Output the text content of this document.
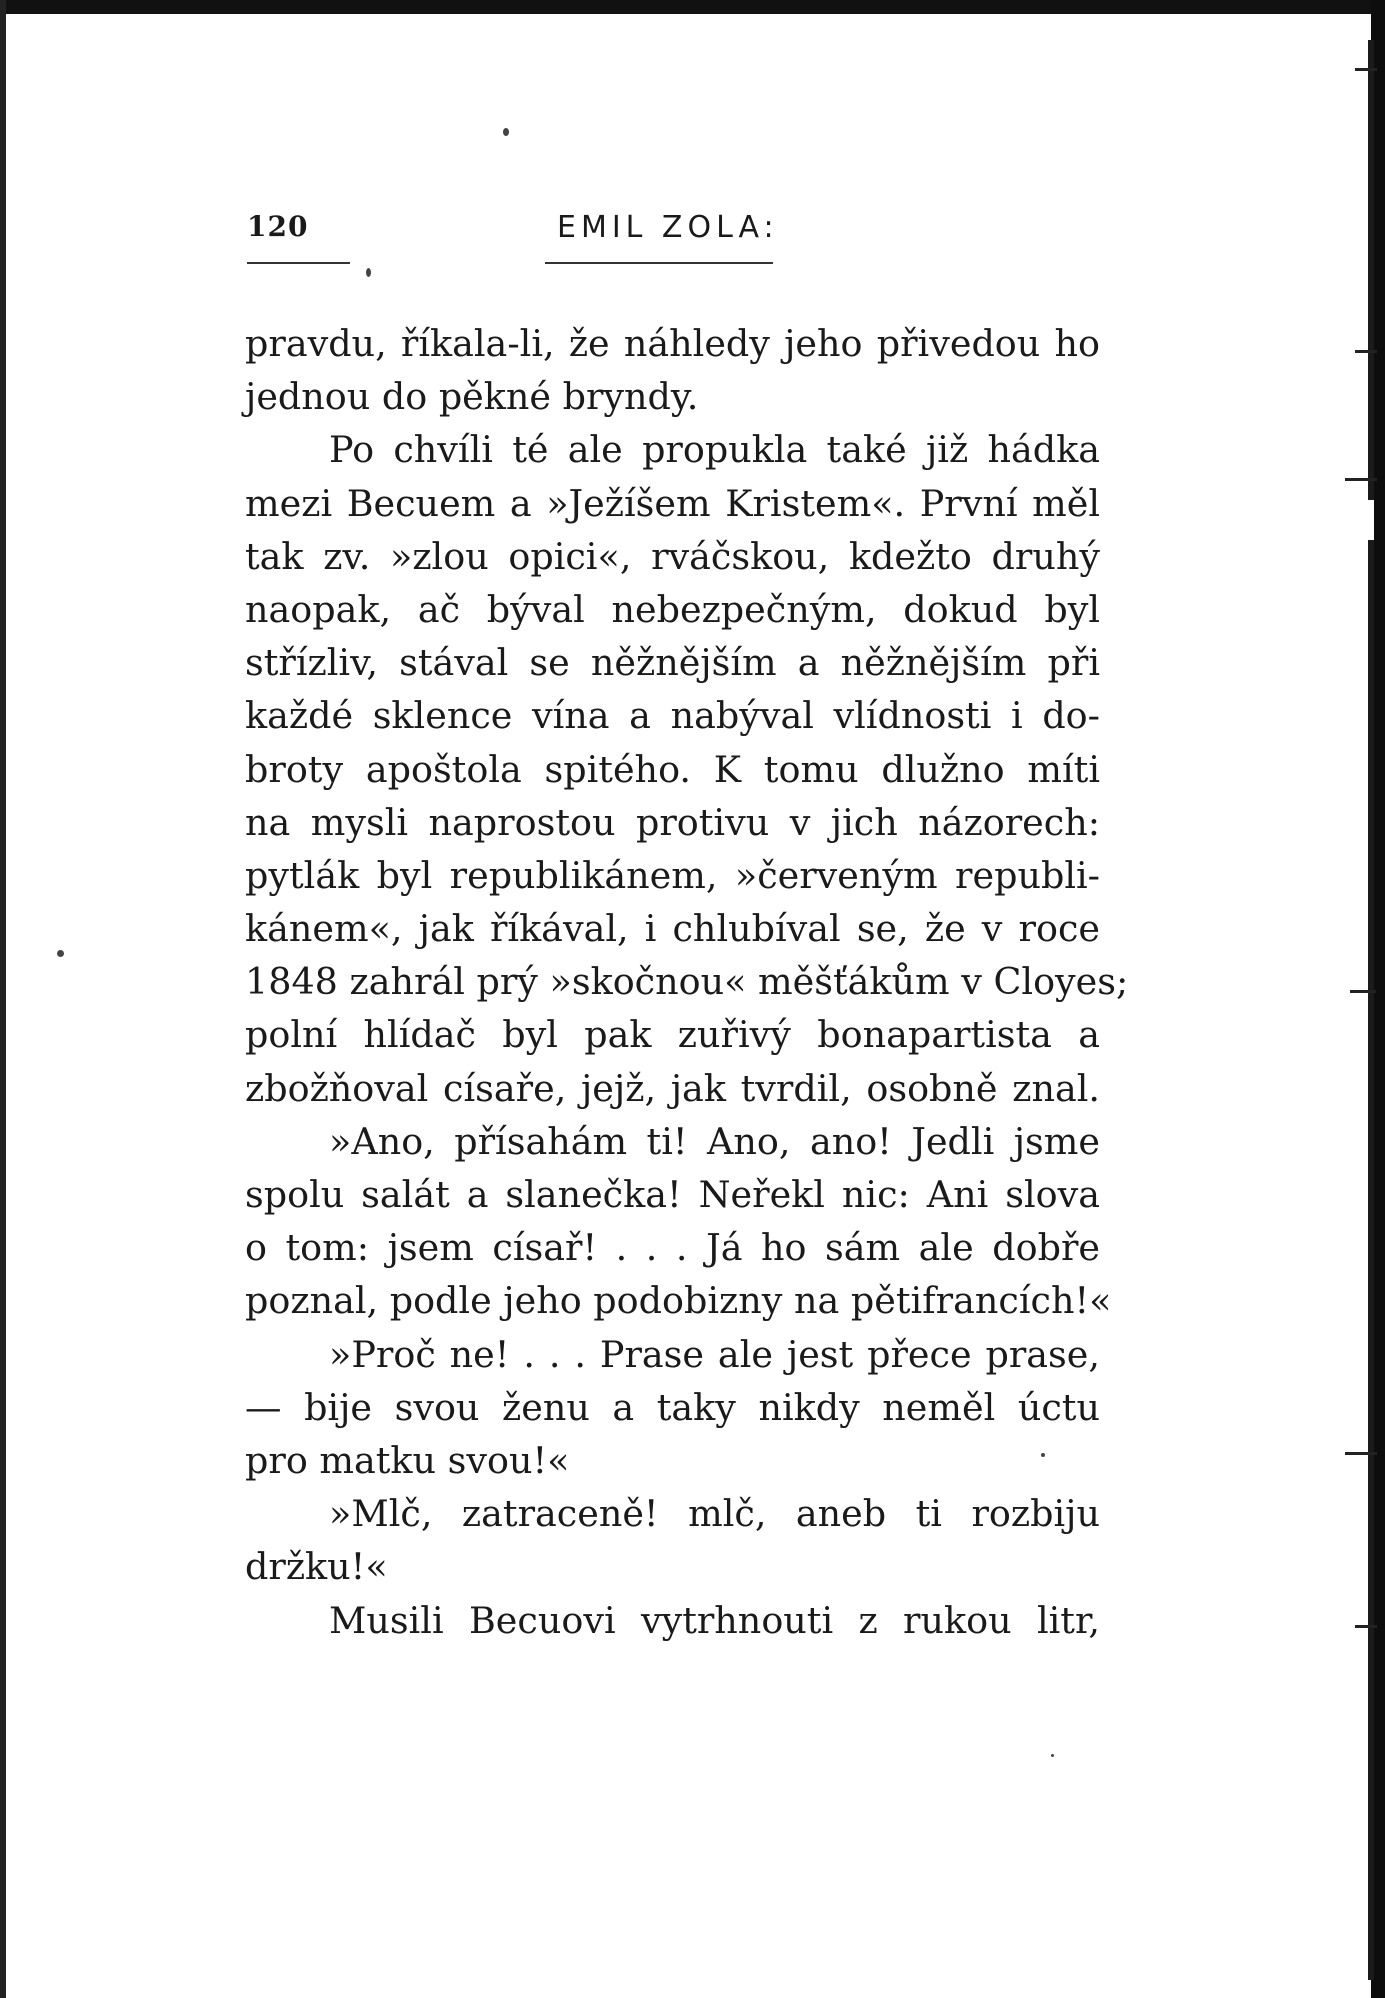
120	EMIL ZOLA:
pravdu, říkala-li, že náhledy jeho přivedou ho
jednou do pěkné bryndy.
Po chvíli té ale propukla také již hádka
mezi Becuem a »Ježíšem Kristem«. První měl
tak zv. »zlou opici«, rváčskou, kdežto druhý
naopak, ač býval nebezpečným, dokud byl
střízliv, stával se něžnějším a něžnějším při
každé sklence vína a nabýval vlídnosti i do-
broty apoštola spitého. K tomu dlužno míti
na mysli naprostou protivu v jich názorech:
pytlák byl republikánem, »červeným republi-
kánem«, jak říkával, i chlubíval se, že v roce
1848 zahrál prý »skočnou« měšťákům v Cloyes;
polní hlídač byl pak zuřivý bonapartista a
zbožňoval císaře, jejž, jak tvrdil, osobně znal.
»Ano, přísahám ti! Ano, ano! Jedli jsme
spolu salát a slanečka! Neřekl nic: Ani slova
o tom: jsem císař! . . . Já ho sám ale dobře
poznal, podle jeho podobizny na pětifrancích!«
»Proč ne! . . . Prase ale jest přece prase,
— bije svou ženu a taky nikdy neměl úctu
pro matku svou!«
»Mlč, zatraceně! mlč, aneb ti rozbiju
držku!«
Musili Becuovi vytrhnouti z rukou litr,
